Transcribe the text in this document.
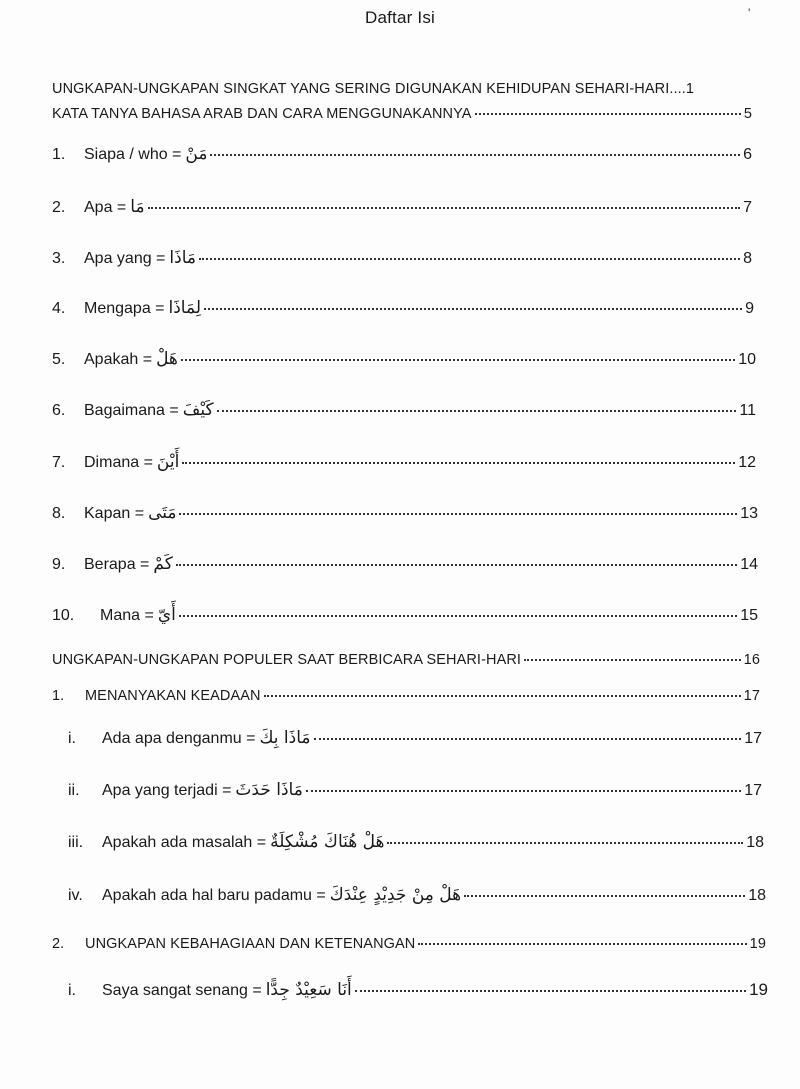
Daftar Isi	'
UNGKAPAN-UNGKAPAN SINGKAT YANG SERING DIGUNAKAN KEHIDUPAN SEHARI-HARI.... 1
KATA TANYA BAHASA ARAB DAN CARA MENGGUNAKANNYA	5
1.	Siapa / who = مَنْ	6
2.	Apa = مَا	7
3.	Apa yang = مَاذَا	8
4.	Mengapa = لِمَاذَا	9
5.	Apakah = هَلْ	10
6.	Bagaimana = كَيْفَ	11
7.	Dimana = أَيْنَ	12
8.	Kapan = مَتَى	13
9.	Berapa = كَمْ	14
10.	Mana = أَيّ	15
UNGKAPAN-UNGKAPAN POPULER SAAT BERBICARA SEHARI-HARI	16
1.	MENANYAKAN KEADAAN	17
i.	Ada apa denganmu = مَاذَا بِكَ	17
ii.	Apa yang terjadi = مَاذَا حَدَثَ	17
iii.	Apakah ada masalah = هَلْ هُنَاكَ مُشْكِلَةٌ	18
iv.	Apakah ada hal baru padamu = هَلْ مِنْ جَدِيْدٍ عِنْدَكَ	18
2.	UNGKAPAN KEBAHAGIAAN DAN KETENANGAN	19
i.	Saya sangat senang = أَنَا سَعِيْدٌ جِدًّا	19
